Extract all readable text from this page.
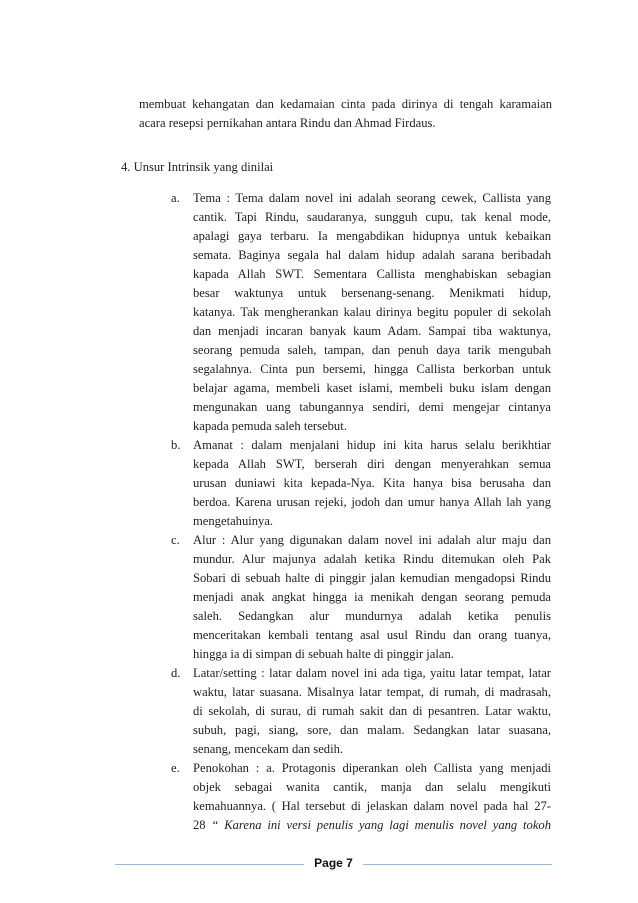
membuat kehangatan dan kedamaian cinta pada dirinya di tengah karamaian
acara resepsi pernikahan antara Rindu dan Ahmad Firdaus.
4. Unsur Intrinsik yang dinilai
a. Tema : Tema dalam novel ini adalah seorang cewek, Callista yang
cantik. Tapi Rindu, saudaranya, sungguh cupu, tak kenal mode,
apalagi gaya terbaru. Ia mengabdikan hidupnya untuk kebaikan
semata. Baginya segala hal dalam hidup adalah sarana beribadah
kapada Allah SWT. Sementara Callista menghabiskan sebagian
besar waktunya untuk bersenang-senang. Menikmati hidup,
katanya. Tak mengherankan kalau dirinya begitu populer di sekolah
dan menjadi incaran banyak kaum Adam. Sampai tiba waktunya,
seorang pemuda saleh, tampan, dan penuh daya tarik mengubah
segalahnya. Cinta pun bersemi, hingga Callista berkorban untuk
belajar agama, membeli kaset islami, membeli buku islam dengan
mengunakan uang tabungannya sendiri, demi mengejar cintanya
kapada pemuda saleh tersebut.
b. Amanat : dalam menjalani hidup ini kita harus selalu berikhtiar
kepada Allah SWT, berserah diri dengan menyerahkan semua
urusan duniawi kita kepada-Nya. Kita hanya bisa berusaha dan
berdoa. Karena urusan rejeki, jodoh dan umur hanya Allah lah yang
mengetahuinya.
c. Alur : Alur yang digunakan dalam novel ini adalah alur maju dan
mundur. Alur majunya adalah ketika Rindu ditemukan oleh Pak
Sobari di sebuah halte di pinggir jalan kemudian mengadopsi Rindu
menjadi anak angkat hingga ia menikah dengan seorang pemuda
saleh. Sedangkan alur mundurnya adalah ketika penulis
menceritakan kembali tentang asal usul Rindu dan orang tuanya,
hingga ia di simpan di sebuah halte di pinggir jalan.
d. Latar/setting : latar dalam novel ini ada tiga, yaitu latar tempat, latar
waktu, latar suasana. Misalnya latar tempat, di rumah, di madrasah,
di sekolah, di surau, di rumah sakit dan di pesantren. Latar waktu,
subuh, pagi, siang, sore, dan malam. Sedangkan latar suasana,
senang, mencekam dan sedih.
e. Penokohan : a. Protagonis diperankan oleh Callista yang menjadi
objek sebagai wanita cantik, manja dan selalu mengikuti
kemahuannya. ( Hal tersebut di jelaskan dalam novel pada hal 27-
28 “ Karena ini versi penulis yang lagi menulis novel yang tokoh
Page 7
